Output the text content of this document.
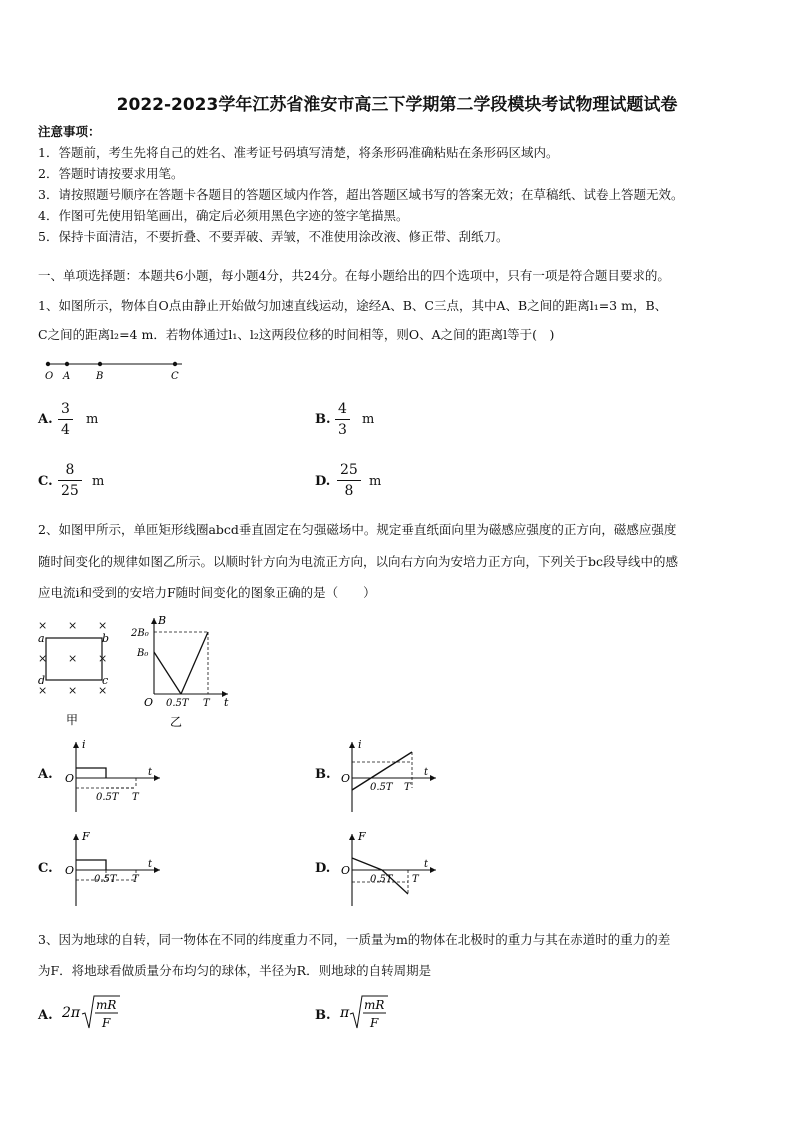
2022-2023学年江苏省淮安市高三下学期第二学段模块考试物理试题试卷
注意事项：
1．答题前，考生先将自己的姓名、准考证号码填写清楚，将条形码准确粘贴在条形码区域内。
2．答题时请按要求用笔。
3．请按照题号顺序在答题卡各题目的答题区域内作答，超出答题区域书写的答案无效；在草稿纸、试卷上答题无效。
4．作图可先使用铅笔画出，确定后必须用黑色字迹的签字笔描黑。
5．保持卡面清洁，不要折叠、不要弄破、弄皱，不准使用涂改液、修正带、刮纸刀。
一、单项选择题：本题共6小题，每小题4分，共24分。在每小题给出的四个选项中，只有一项是符合题目要求的。
1、如图所示，物体自O点由静止开始做匀加速直线运动，途经A、B、C三点，其中A、B之间的距离l₁=3 m，B、
C之间的距离l₂=4 m．若物体通过l₁、l₂这两段位移的时间相等，则O、A之间的距离l等于(　)
O A	B	C
A. $\frac{3}{4}$ m	B. $\frac{4}{3}$ m
C. $\frac{8}{25}$ m	D. $\frac{25}{8}$ m
2、如图甲所示，单匝矩形线圈abcd垂直固定在匀强磁场中。规定垂直纸面向里为磁感应强度的正方向，磁感应强度
随时间变化的规律如图乙所示。以顺时针方向为电流正方向，以向右方向为安培力正方向，下列关于bc段导线中的感
应电流i和受到的安培力F随时间变化的图象正确的是（　　）
× × ×
× × ×
× × ×
a	b
c
d
甲
B
t
O
2B₀
B₀
0.5T T
乙
A.
i
t
O
0.5T T
B.
i
t
O
0.5T T
C.
F
t
O
0.5T T
D.
F
t
O
0.5T T
3、因为地球的自转，同一物体在不同的纬度重力不同，一质量为m的物体在北极时的重力与其在赤道时的重力的差
为F．将地球看做质量分布均匀的球体，半径为R．则地球的自转周期是
A. 2π mR
F	B. π mR
F
